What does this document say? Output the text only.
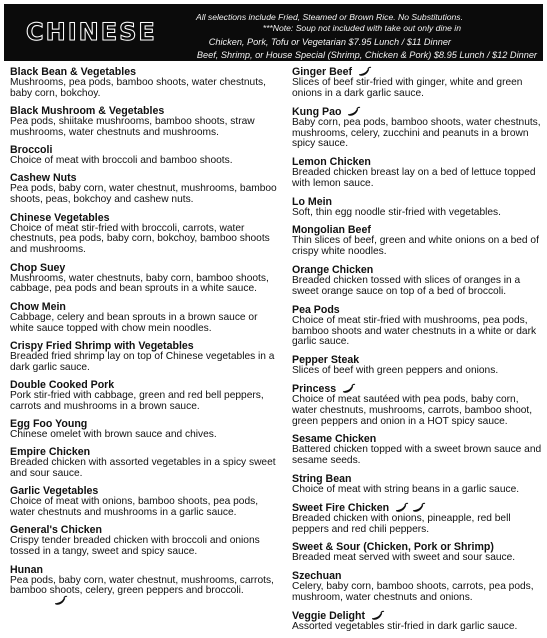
CHINESE
All selections include Fried, Steamed or Brown Rice. No Substitutions.
***Note: Soup not included with take out only dine in
Chicken, Pork, Tofu or Vegetarian $7.95 Lunch / $11 Dinner
Beef, Shrimp, or House Special (Shrimp, Chicken & Pork) $8.95 Lunch / $12 Dinner
Black Bean & Vegetables
Mushrooms, pea pods, bamboo shoots, water chestnuts, baby corn, bokchoy.
Black Mushroom & Vegetables
Pea pods, shiitake mushrooms, bamboo shoots, straw mushrooms, water chestnuts and mushrooms.
Broccoli
Choice of meat with broccoli and bamboo shoots.
Cashew Nuts
Pea pods, baby corn, water chestnut, mushrooms, bamboo shoots, peas, bokchoy and cashew nuts.
Chinese Vegetables
Choice of meat stir-fried with broccoli, carrots, water chestnuts, pea pods, baby corn, bokchoy, bamboo shoots and mushrooms.
Chop Suey
Mushrooms, water chestnuts, baby corn, bamboo shoots, cabbage, pea pods and bean sprouts in a white sauce.
Chow Mein
Cabbage, celery and bean sprouts in a brown sauce or white sauce topped with chow mein noodles.
Crispy Fried Shrimp with Vegetables
Breaded fried shrimp lay on top of Chinese vegetables in a dark garlic sauce.
Double Cooked Pork
Pork stir-fried with cabbage, green and red bell peppers, carrots and mushrooms in a brown sauce.
Egg Foo Young
Chinese omelet with brown sauce and chives.
Empire Chicken
Breaded chicken with assorted vegetables in a spicy sweet and sour sauce.
Garlic Vegetables
Choice of meat with onions, bamboo shoots, pea pods, water chestnuts and mushrooms in a garlic sauce.
General's Chicken
Crispy tender breaded chicken with broccoli and onions tossed in a tangy, sweet and spicy sauce.
Hunan
Pea pods, baby corn, water chestnut, mushrooms, carrots, bamboo shoots, celery, green peppers and broccoli.
Ginger Beef
Slices of beef stir-fried with ginger, white and green onions in a dark garlic sauce.
Kung Pao
Baby corn, pea pods, bamboo shoots, water chestnuts, mushrooms, celery, zucchini and peanuts in a brown spicy sauce.
Lemon Chicken
Breaded chicken breast lay on a bed of lettuce topped with lemon sauce.
Lo Mein
Soft, thin egg noodle stir-fried with vegetables.
Mongolian Beef
Thin slices of beef, green and white onions on a bed of crispy white noodles.
Orange Chicken
Breaded chicken tossed with slices of oranges in a sweet orange sauce on top of a bed of broccoli.
Pea Pods
Choice of meat stir-fried with mushrooms, pea pods, bamboo shoots and water chestnuts in a white or dark garlic sauce.
Pepper Steak
Slices of beef with green peppers and onions.
Princess
Choice of meat sautéed with pea pods, baby corn, water chestnuts, mushrooms, carrots, bamboo shoot, green peppers and onion in a HOT spicy sauce.
Sesame Chicken
Battered chicken topped with a sweet brown sauce and sesame seeds.
String Bean
Choice of meat with string beans in a garlic sauce.
Sweet Fire Chicken
Breaded chicken with onions, pineapple, red bell peppers and red chili peppers.
Sweet & Sour (Chicken, Pork or Shrimp)
Breaded meat served with sweet and sour sauce.
Szechuan
Celery, baby corn, bamboo shoots, carrots, pea pods, mushroom, water chestnuts and onions.
Veggie Delight
Assorted vegetables stir-fried in dark garlic sauce.
